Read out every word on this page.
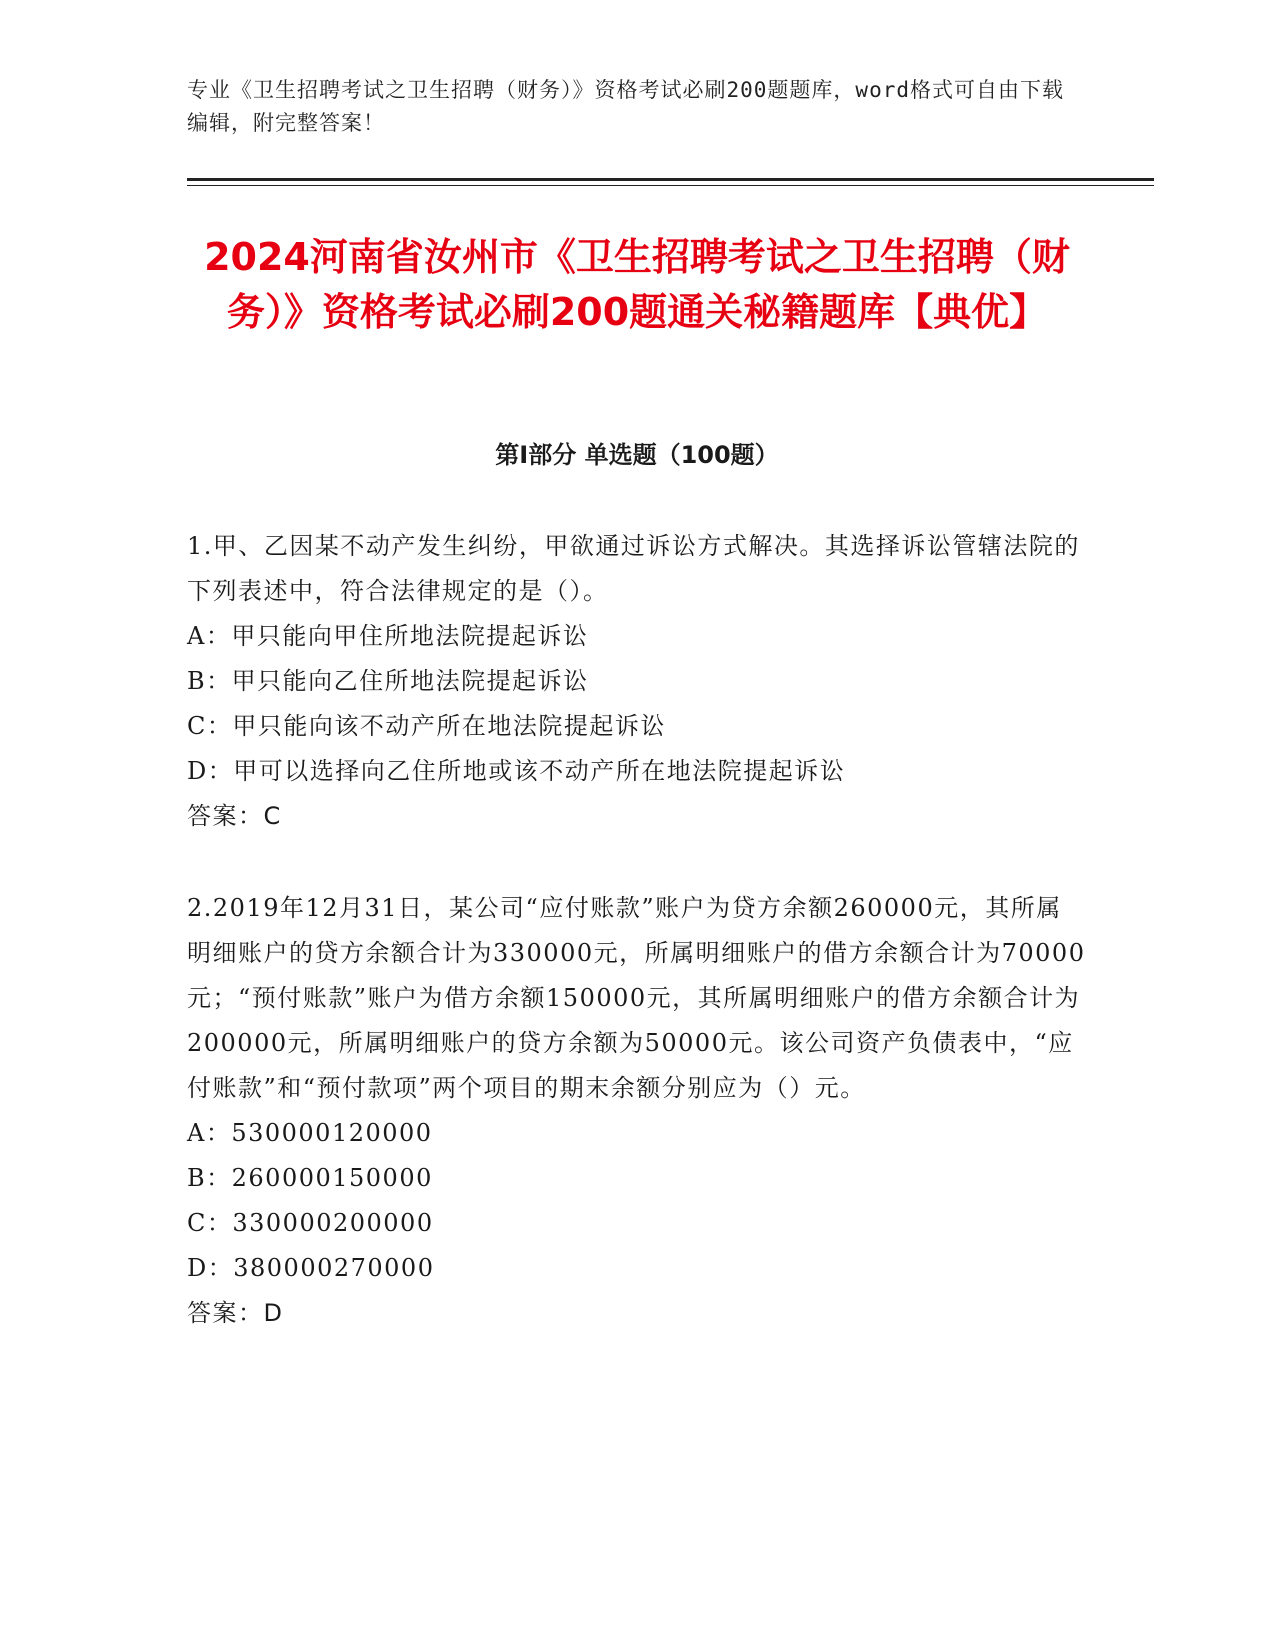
专业《卫生招聘考试之卫生招聘（财务）》资格考试必刷200题题库，word格式可自由下载编辑，附完整答案！
2024河南省汝州市《卫生招聘考试之卫生招聘（财务）》资格考试必刷200题通关秘籍题库【典优】
第I部分 单选题（100题）

1.甲、乙因某不动产发生纠纷，甲欲通过诉讼方式解决。其选择诉讼管辖法院的下列表述中，符合法律规定的是（）。

A：甲只能向甲住所地法院提起诉讼

B：甲只能向乙住所地法院提起诉讼

C：甲只能向该不动产所在地法院提起诉讼

D：甲可以选择向乙住所地或该不动产所在地法院提起诉讼

答案：C

2.2019年12月31日，某公司“应付账款”账户为贷方余额260000元，其所属明细账户的贷方余额合计为330000元，所属明细账户的借方余额合计为70000元；“预付账款”账户为借方余额150000元，其所属明细账户的借方余额合计为200000元，所属明细账户的贷方余额为50000元。该公司资产负债表中，“应付账款”和“预付款项”两个项目的期末余额分别应为（）元。

A：530000120000

B：260000150000

C：330000200000

D：380000270000

答案：D
